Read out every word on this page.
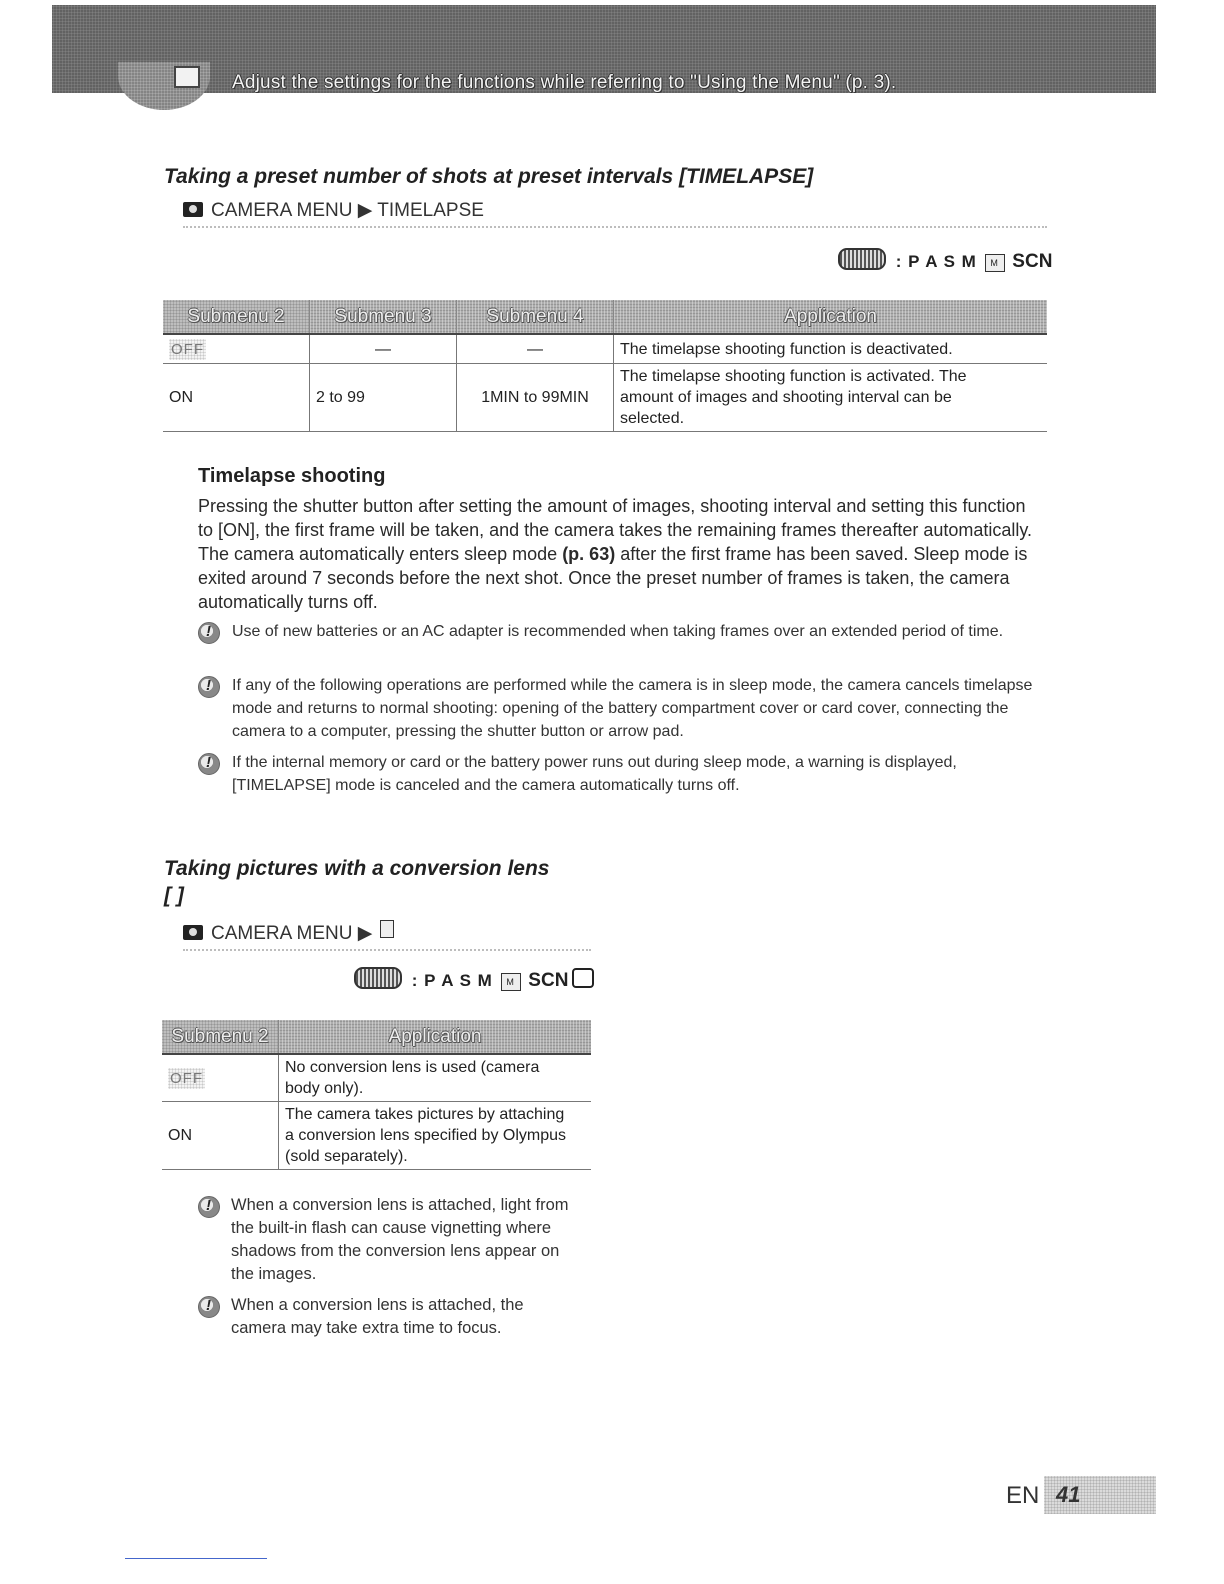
Adjust the settings for the functions while referring to "Using the Menu" (p. 3).
Taking a preset number of shots at preset intervals [TIMELAPSE]
CAMERA MENU ▶ TIMELAPSE
: P A S M M SCN
Submenu 2	Submenu 3	Submenu 4	Application
OFF	—	—	The timelapse shooting function is deactivated.
ON	2 to 99	1MIN to 99MIN	The timelapse shooting function is activated. The amount of images and shooting interval can be selected.
Timelapse shooting
Pressing the shutter button after setting the amount of images, shooting interval and setting this function to [ON], the first frame will be taken, and the camera takes the remaining frames thereafter automatically. The camera automatically enters sleep mode (p. 63) after the first frame has been saved. Sleep mode is exited around 7 seconds before the next shot. Once the preset number of frames is taken, the camera automatically turns off.
!
Use of new batteries or an AC adapter is recommended when taking frames over an extended period of time.
!
If any of the following operations are performed while the camera is in sleep mode, the camera cancels timelapse mode and returns to normal shooting: opening of the battery compartment cover or card cover, connecting the camera to a computer, pressing the shutter button or arrow pad.
!
If the internal memory or card or the battery power runs out during sleep mode, a warning is displayed, [TIMELAPSE] mode is canceled and the camera automatically turns off.
Taking pictures with a conversion lens
[ ]
CAMERA MENU ▶
: P A S M M SCN
Submenu 2	Application
OFF	No conversion lens is used (camera body only).
ON	The camera takes pictures by attaching a conversion lens specified by Olympus (sold separately).
!
When a conversion lens is attached, light from the built-in flash can cause vignetting where shadows from the conversion lens appear on the images.
!
When a conversion lens is attached, the camera may take extra time to focus.
EN 41
